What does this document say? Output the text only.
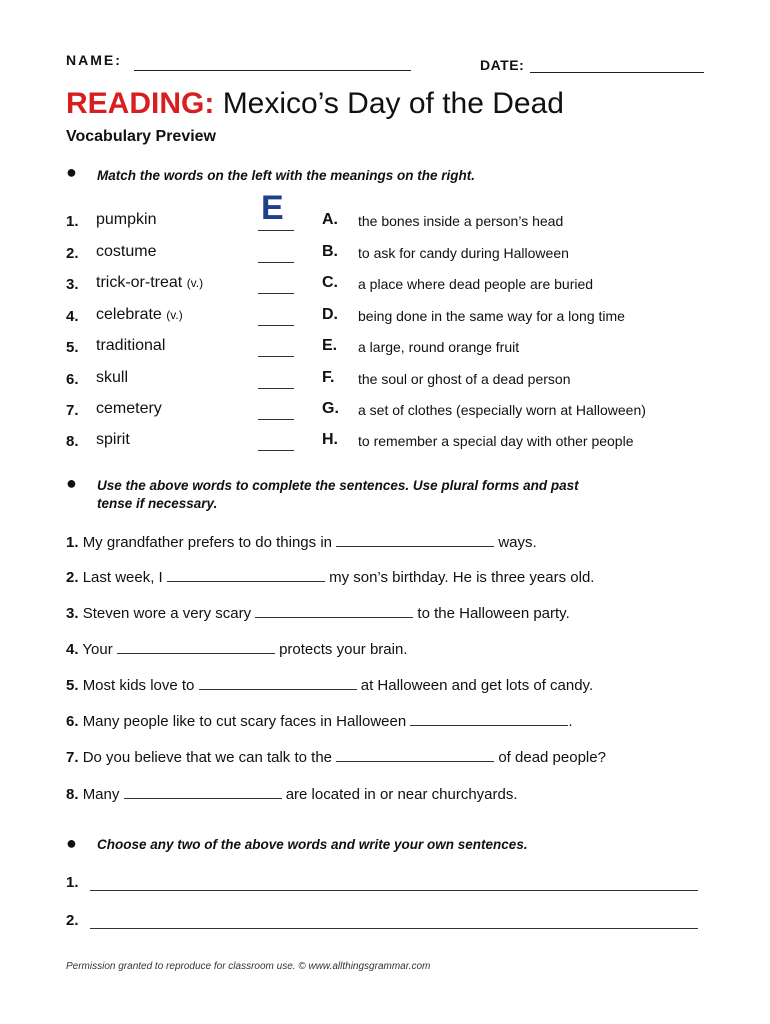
NAME:	DATE:
READING: Mexico’s Day of the Dead
Vocabulary Preview
● Match the words on the left with the meanings on the right.
1. pumpkin	E A. the bones inside a person’s head
2. costume	B. to ask for candy during Halloween
3. trick-or-treat (v.)	C. a place where dead people are buried
4. celebrate (v.)	D. being done in the same way for a long time
5. traditional	E. a large, round orange fruit
6. skull	F. the soul or ghost of a dead person
7. cemetery	G. a set of clothes (especially worn at Halloween)
8. spirit	H. to remember a special day with other people
● Use the above words to complete the sentences. Use plural forms and past
tense if necessary.
1. My grandfather prefers to do things in	ways.
2. Last week, I	my son’s birthday. He is three years old.
3. Steven wore a very scary	to the Halloween party.
4. Your	protects your brain.
5. Most kids love to	at Halloween and get lots of candy.
6. Many people like to cut scary faces in Halloween	.
7. Do you believe that we can talk to the	of dead people?
8. Many	are located in or near churchyards.
● Choose any two of the above words and write your own sentences.
1.
2.
Permission granted to reproduce for classroom use. © www.allthingsgrammar.com
